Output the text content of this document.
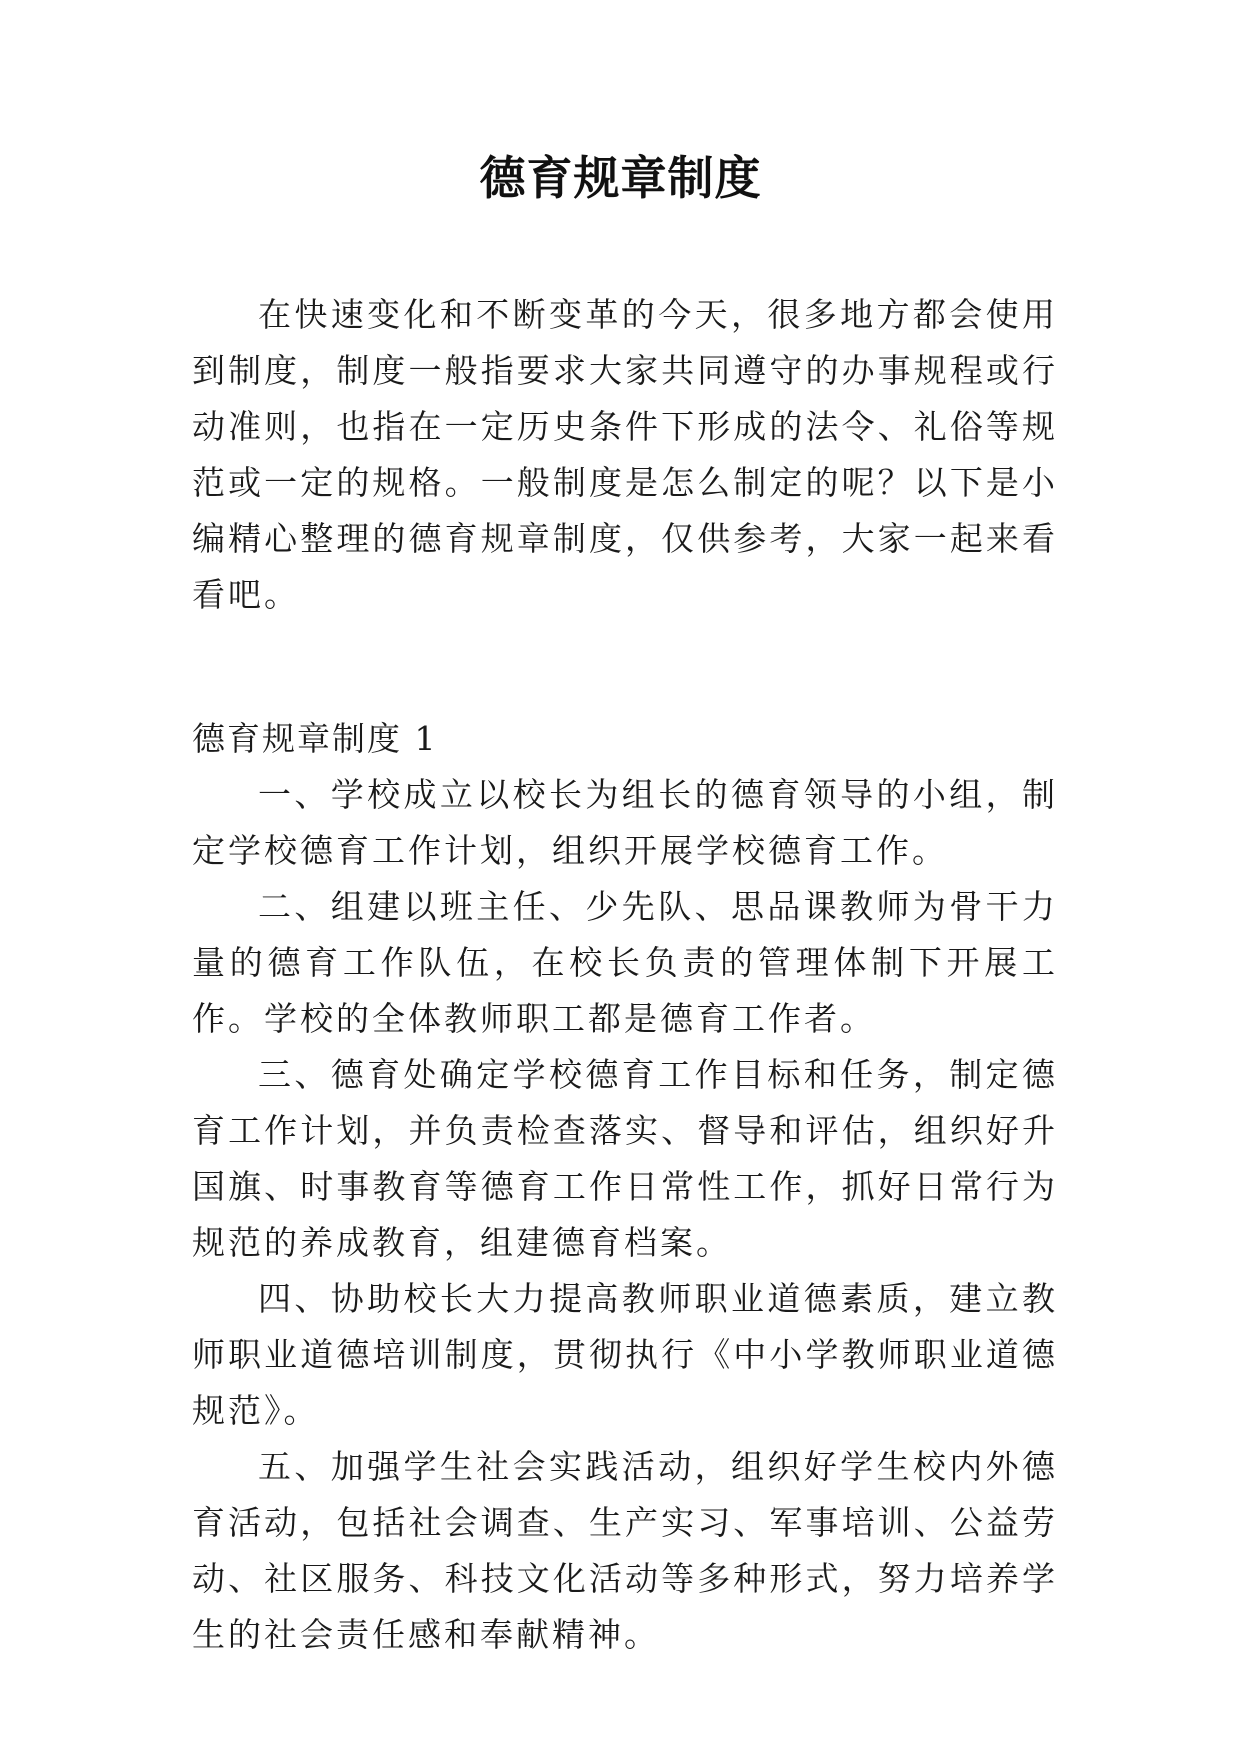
德育规章制度

在快速变化和不断变革的今天，很多地方都会使用到制度，制度一般指要求大家共同遵守的办事规程或行动准则，也指在一定历史条件下形成的法令、礼俗等规范或一定的规格。一般制度是怎么制定的呢？以下是小编精心整理的德育规章制度，仅供参考，大家一起来看看吧。

德育规章制度 1

一、学校成立以校长为组长的德育领导的小组，制定学校德育工作计划，组织开展学校德育工作。

二、组建以班主任、少先队、思品课教师为骨干力量的德育工作队伍，在校长负责的管理体制下开展工作。学校的全体教师职工都是德育工作者。

三、德育处确定学校德育工作目标和任务，制定德育工作计划，并负责检查落实、督导和评估，组织好升国旗、时事教育等德育工作日常性工作，抓好日常行为规范的养成教育，组建德育档案。

四、协助校长大力提高教师职业道德素质，建立教师职业道德培训制度，贯彻执行《中小学教师职业道德规范》。

五、加强学生社会实践活动，组织好学生校内外德育活动，包括社会调查、生产实习、军事培训、公益劳动、社区服务、科技文化活动等多种形式，努力培养学生的社会责任感和奉献精神。
